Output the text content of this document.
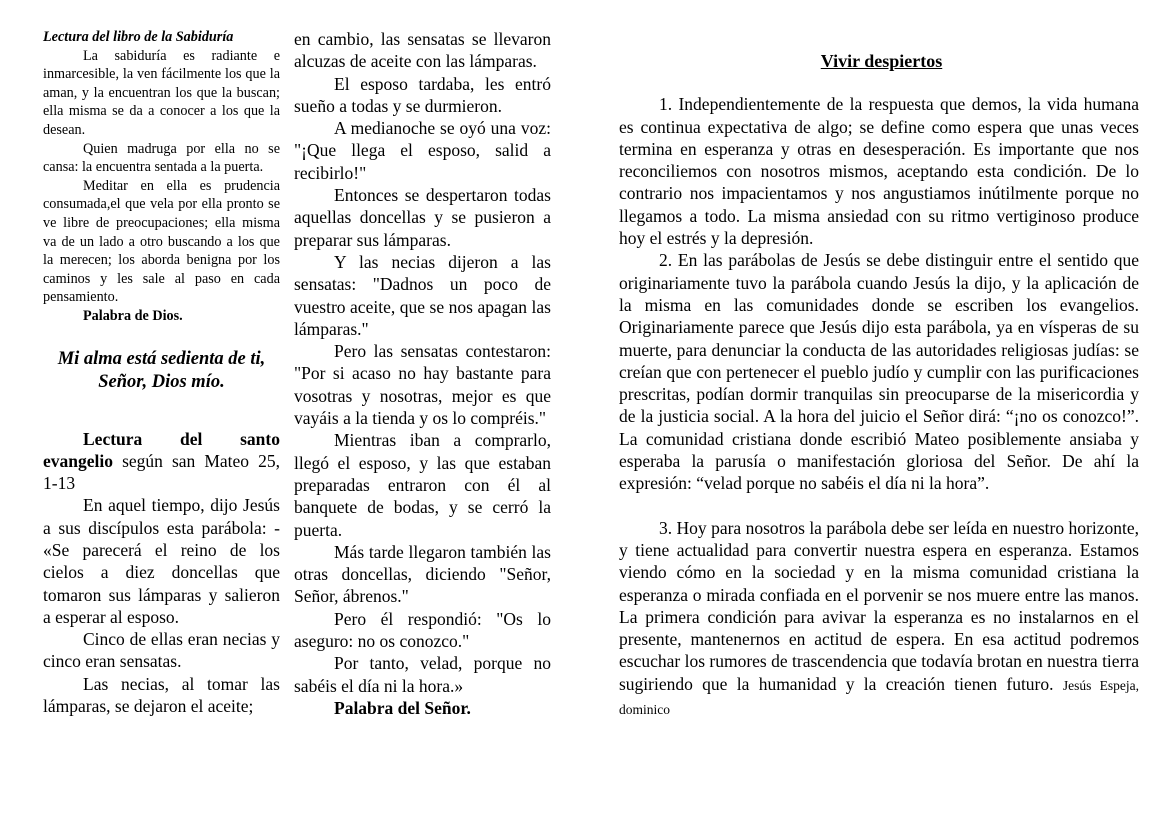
Lectura del libro de la Sabiduría

La sabiduría es radiante e inmarcesible, la ven fácilmente los que la aman, y la encuentran los que la buscan; ella misma se da a conocer a los que la desean.

Quien madruga por ella no se cansa: la encuentra sentada a la puerta.

Meditar en ella es prudencia consumada,el que vela por ella pronto se ve libre de preocupaciones; ella misma va de un lado a otro buscando a los que la merecen; los aborda benigna por los caminos y les sale al paso en cada pensamiento.

Palabra de Dios.

Mi alma está sedienta de ti,
Señor, Dios mío.

Lectura del santo evangelio según san Mateo 25, 1-13

En aquel tiempo, dijo Jesús a sus discípulos esta parábola: - «Se parecerá el reino de los cielos a diez doncellas que tomaron sus lámparas y salieron a esperar al esposo.

Cinco de ellas eran necias y cinco eran sensatas.

Las necias, al tomar las lámparas, se dejaron el aceite;

en cambio, las sensatas se llevaron alcuzas de aceite con las lámparas.

El esposo tardaba, les entró sueño a todas y se durmieron.

A medianoche se oyó una voz: "¡Que llega el esposo, salid a recibirlo!"

Entonces se despertaron todas aquellas doncellas y se pusieron a preparar sus lámparas.

Y las necias dijeron a las sensatas: "Dadnos un poco de vuestro aceite, que se nos apagan las lámparas."

Pero las sensatas contestaron: "Por si acaso no hay bastante para vosotras y nosotras, mejor es que vayáis a la tienda y os lo compréis."

Mientras iban a comprarlo, llegó el esposo, y las que estaban preparadas entraron con él al banquete de bodas, y se cerró la puerta.

Más tarde llegaron también las otras doncellas, diciendo "Señor, Señor, ábrenos."

Pero él respondió: "Os lo aseguro: no os conozco."

Por tanto, velad, porque no sabéis el día ni la hora.»

Palabra del Señor.

Vivir despiertos

1. Independientemente de la respuesta que demos, la vida humana es continua expectativa de algo; se define como espera que unas veces termina en esperanza y otras en desesperación. Es importante que nos reconciliemos con nosotros mismos, aceptando esta condición. De lo contrario nos impacientamos y nos angustiamos inútilmente porque no llegamos a todo. La misma ansiedad con su ritmo vertiginoso produce hoy el estrés y la depresión.

2. En las parábolas de Jesús se debe distinguir entre el sentido que originariamente tuvo la parábola cuando Jesús la dijo, y la aplicación de la misma en las comunidades donde se escriben los evangelios. Originariamente parece que Jesús dijo esta parábola, ya en vísperas de su muerte, para denunciar la conducta de las autoridades religiosas judías: se creían que con pertenecer el pueblo judío y cumplir con las purificaciones prescritas, podían dormir tranquilas sin preocuparse de la misericordia y de la justicia social. A la hora del juicio el Señor dirá: “¡no os conozco!”. La comunidad cristiana donde escribió Mateo posiblemente ansiaba y esperaba la parusía o manifestación gloriosa del Señor. De ahí la expresión: “velad porque no sabéis el día ni la hora”.

3. Hoy para nosotros la parábola debe ser leída en nuestro horizonte, y tiene actualidad para convertir nuestra espera en esperanza. Estamos viendo cómo en la sociedad y en la misma comunidad cristiana la esperanza o mirada confiada en el porvenir se nos muere entre las manos. La primera condición para avivar la esperanza es no instalarnos en el presente, mantenernos en actitud de espera. En esa actitud podremos escuchar los rumores de trascendencia que todavía brotan en nuestra tierra sugiriendo que la humanidad y la creación tienen futuro. Jesús Espeja, dominico
